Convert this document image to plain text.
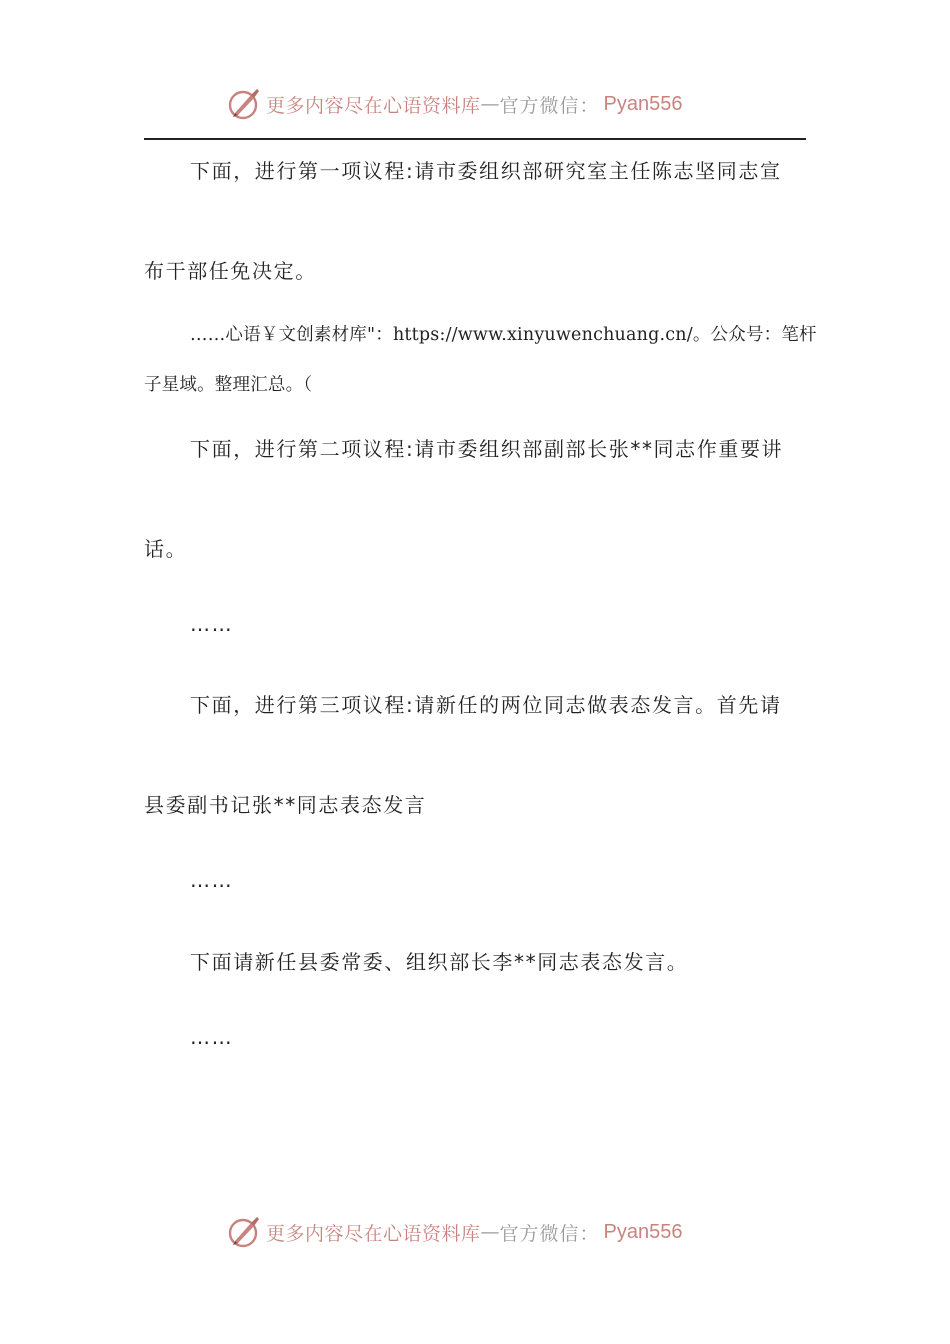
更多内容尽在心语资料库 — 官方微信： Pyan556
下面，进行第一项议程:请市委组织部研究室主任陈志坚同志宣
布干部任免决定。
……心语￥文创素材库"：https://www.xinyuwenchuang.cn/。公众号：笔杆
子星域。整理汇总。（
下面，进行第二项议程:请市委组织部副部长张**同志作重要讲
话。
……
下面，进行第三项议程:请新任的两位同志做表态发言。首先请
县委副书记张**同志表态发言
……
下面请新任县委常委、组织部长李**同志表态发言。
……
更多内容尽在心语资料库 — 官方微信： Pyan556
